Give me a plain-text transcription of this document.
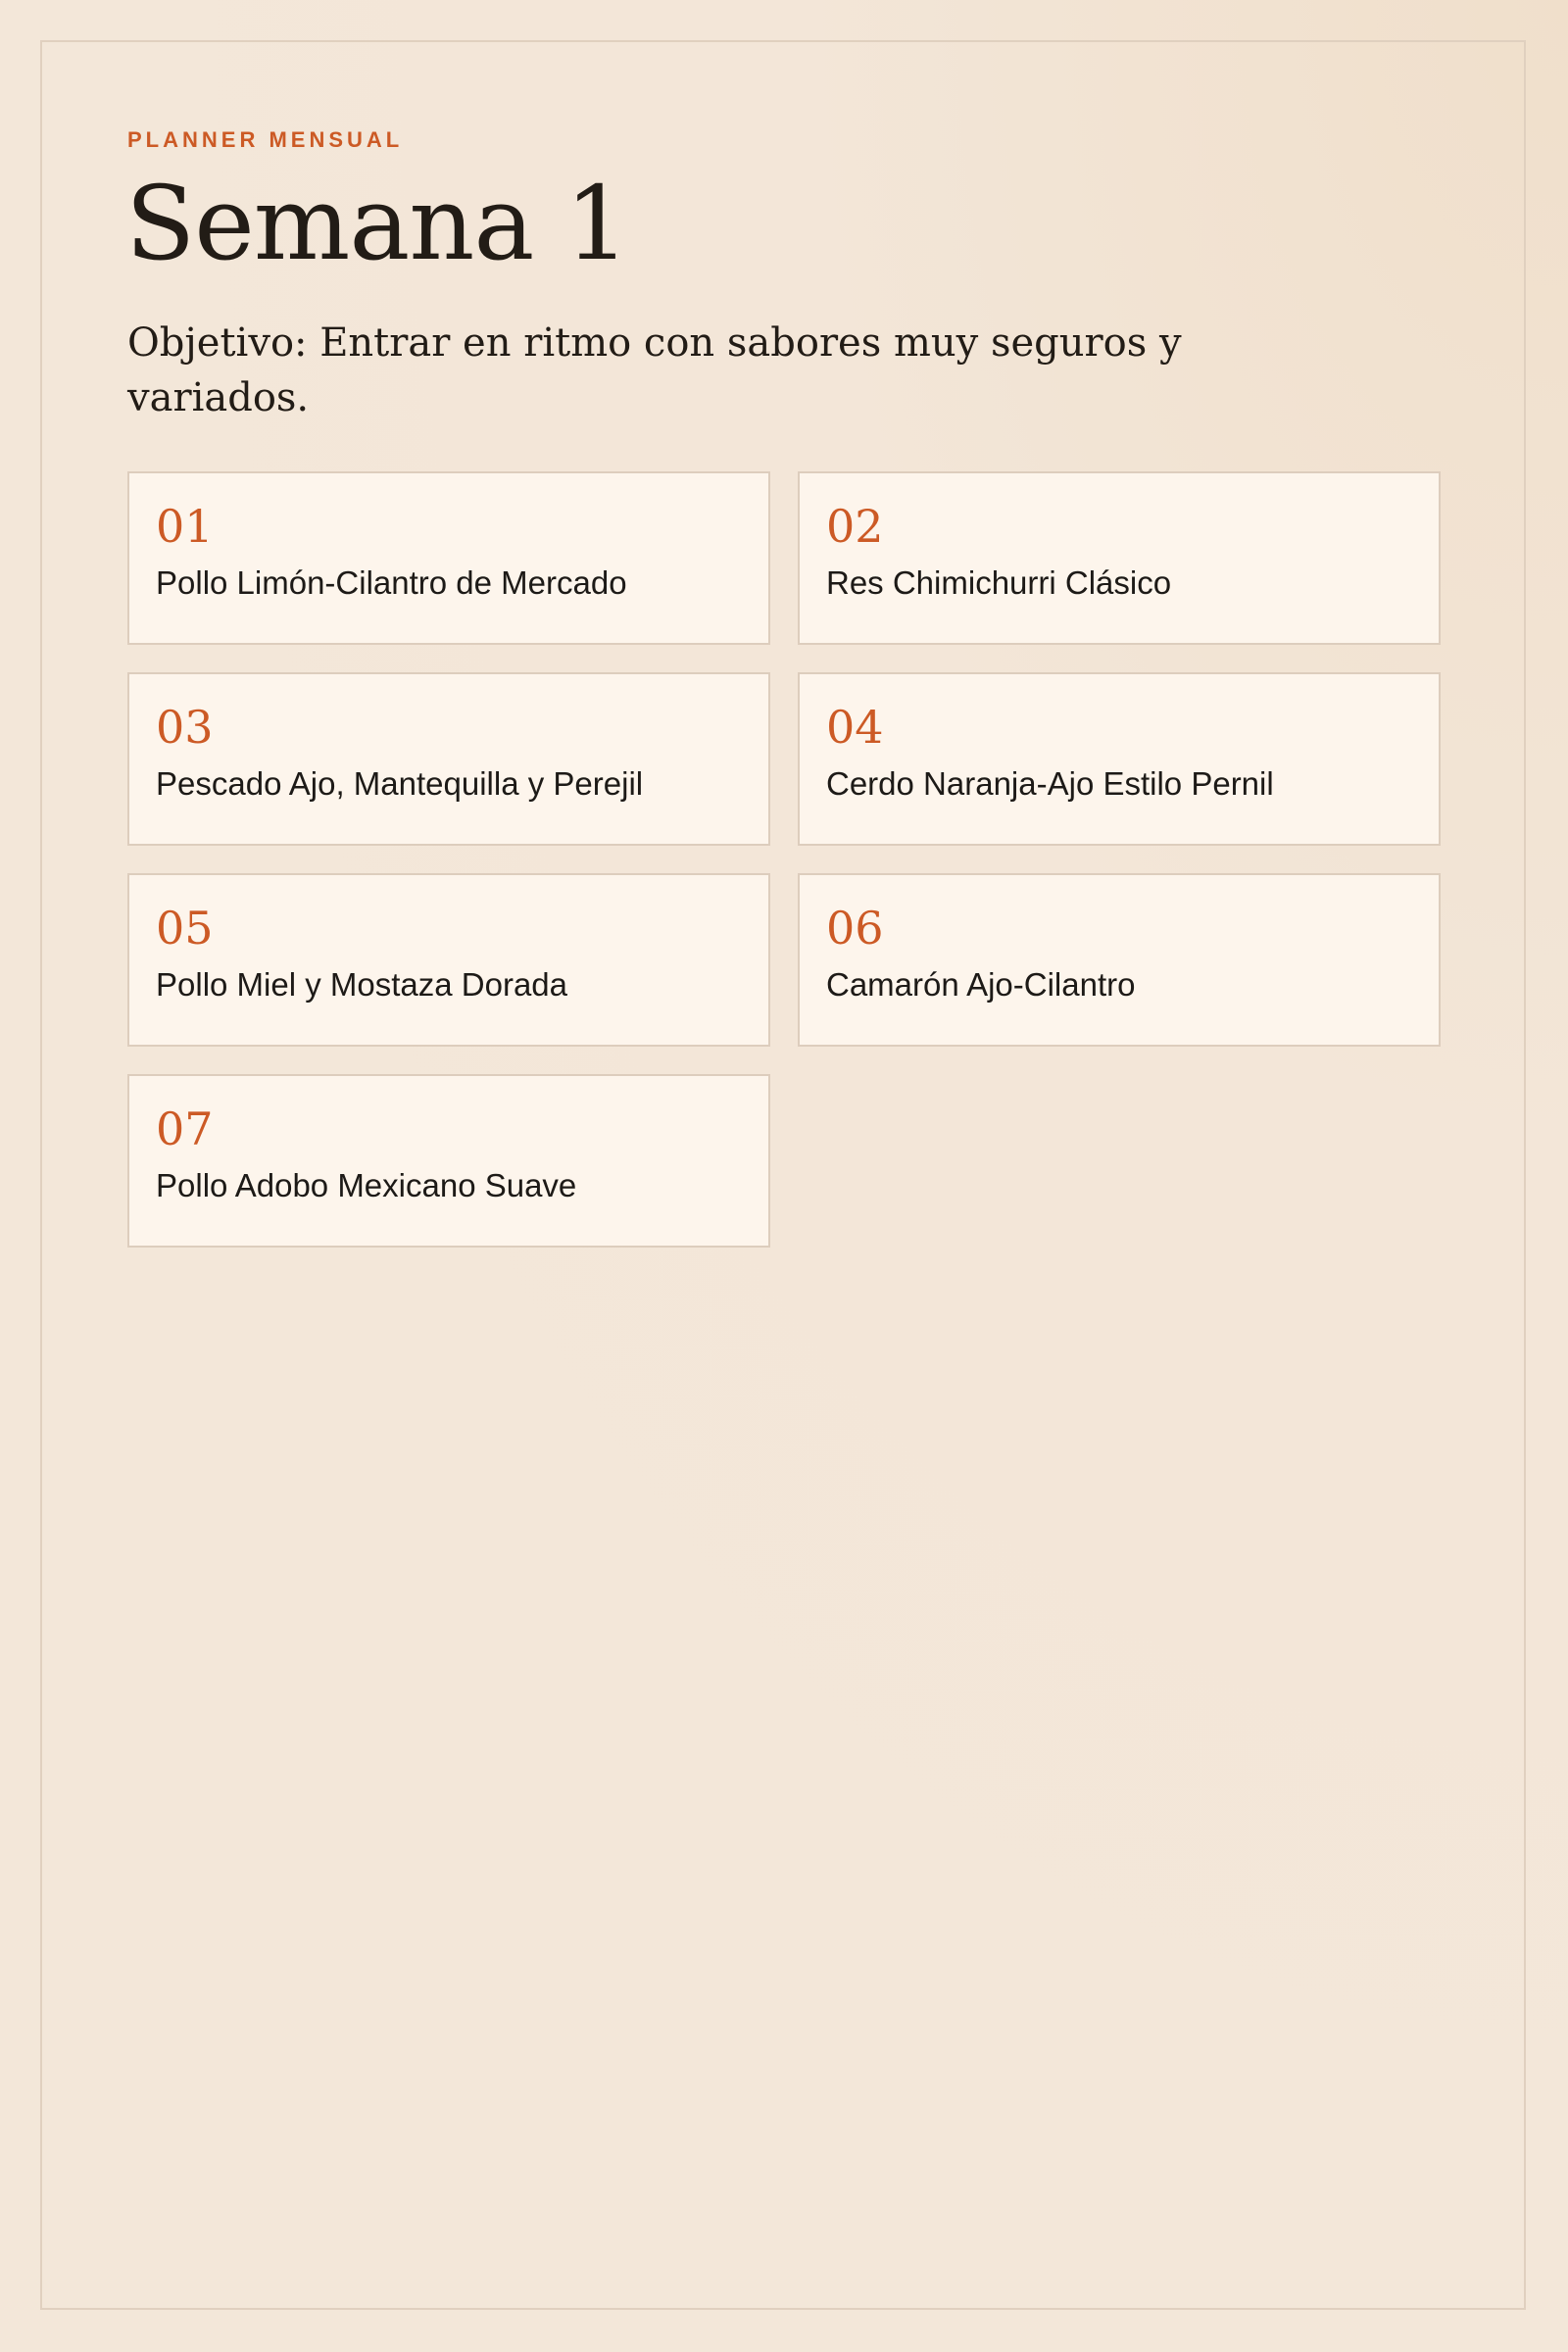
PLANNER MENSUAL
Semana 1

Objetivo: Entrar en ritmo con sabores muy seguros y variados.

01
Pollo Limón-Cilantro de Mercado
02
Res Chimichurri Clásico
03
Pescado Ajo, Mantequilla y Perejil
04
Cerdo Naranja-Ajo Estilo Pernil
05
Pollo Miel y Mostaza Dorada
06
Camarón Ajo-Cilantro
07
Pollo Adobo Mexicano Suave
